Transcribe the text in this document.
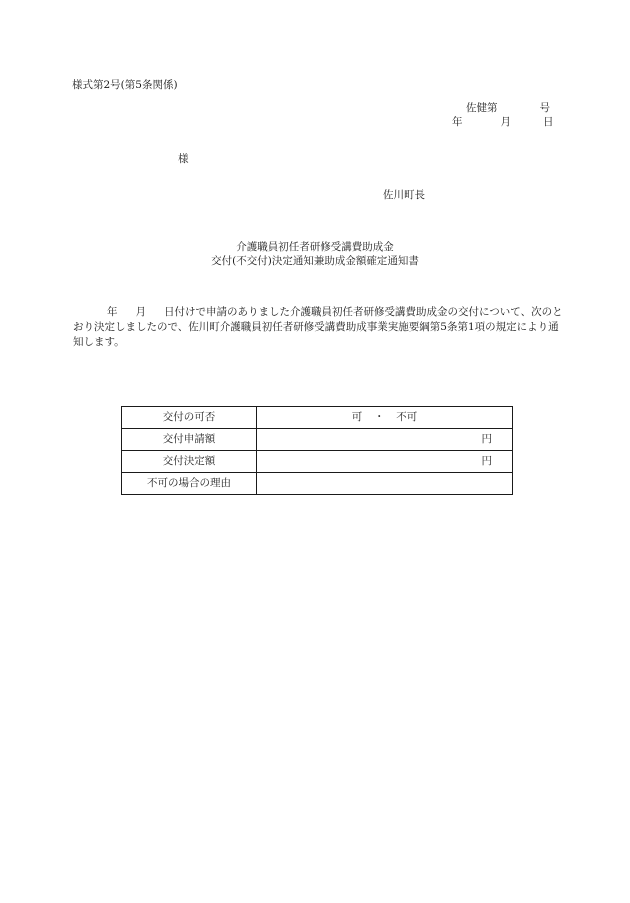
様式第2号(第5条関係)
佐健第	号
年	月	日
様
佐川町長
介護職員初任者研修受講費助成金
交付(不交付)決定通知兼助成金額確定通知書
年 月 日付けで申請のありました介護職員初任者研修受講費助成金の交付について、次のとおり決定しましたので、佐川町介護職員初任者研修受講費助成事業実施要綱第5条第1項の規定により通知します。
交付の可否	可 ・ 不可
交付申請額	円
交付決定額	円
不可の場合の理由	
